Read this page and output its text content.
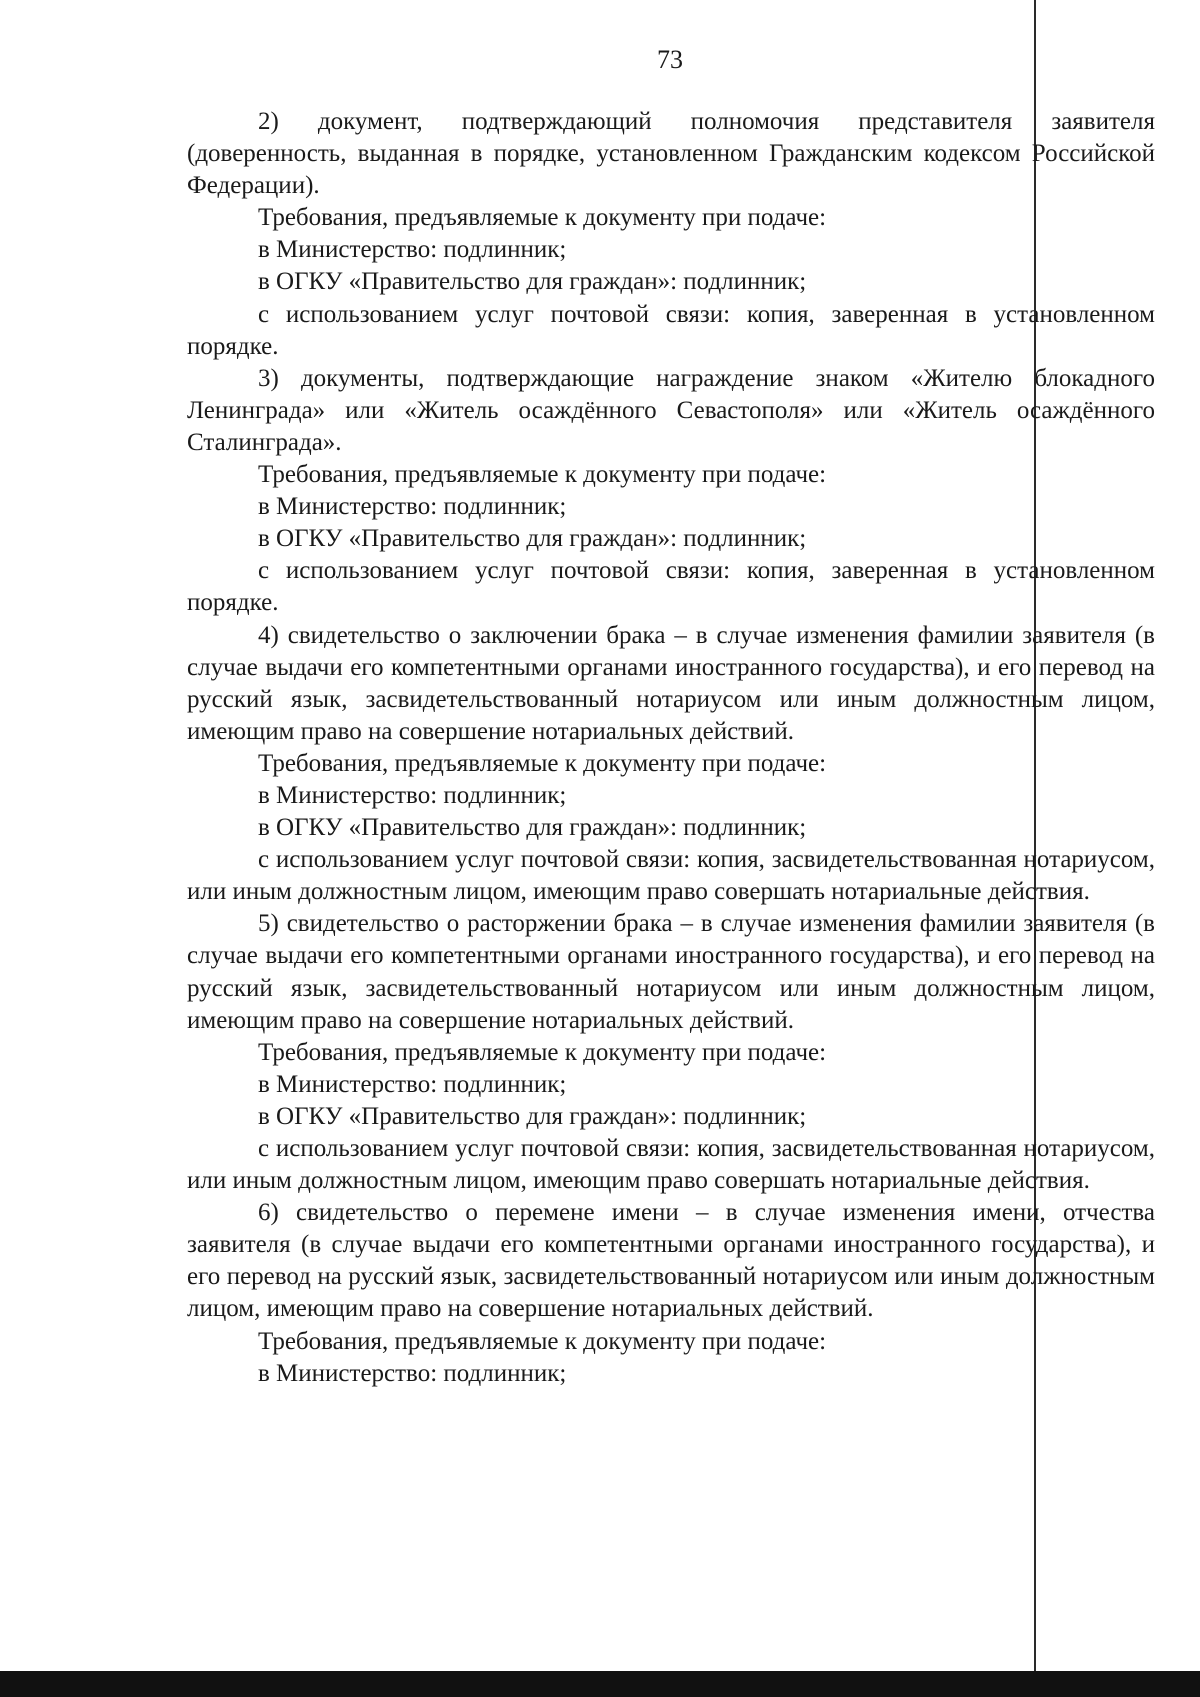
73

2) документ, подтверждающий полномочия представителя заявителя (доверенность, выданная в порядке, установленном Гражданским кодексом Российской Федерации).

Требования, предъявляемые к документу при подаче:

в Министерство: подлинник;

в ОГКУ «Правительство для граждан»: подлинник;

с использованием услуг почтовой связи: копия, заверенная в установленном порядке.

3) документы, подтверждающие награждение знаком «Жителю блокадного Ленинграда» или «Житель осаждённого Севастополя» или «Житель осаждённого Сталинграда».

Требования, предъявляемые к документу при подаче:

в Министерство: подлинник;

в ОГКУ «Правительство для граждан»: подлинник;

с использованием услуг почтовой связи: копия, заверенная в установленном порядке.

4) свидетельство о заключении брака – в случае изменения фамилии заявителя (в случае выдачи его компетентными органами иностранного государства), и его перевод на русский язык, засвидетельствованный нотариусом или иным должностным лицом, имеющим право на совершение нотариальных действий.

Требования, предъявляемые к документу при подаче:

в Министерство: подлинник;

в ОГКУ «Правительство для граждан»: подлинник;

с использованием услуг почтовой связи: копия, засвидетельствованная нотариусом, или иным должностным лицом, имеющим право совершать нотариальные действия.

5) свидетельство о расторжении брака – в случае изменения фамилии заявителя (в случае выдачи его компетентными органами иностранного государства), и его перевод на русский язык, засвидетельствованный нотариусом или иным должностным лицом, имеющим право на совершение нотариальных действий.

Требования, предъявляемые к документу при подаче:

в Министерство: подлинник;

в ОГКУ «Правительство для граждан»: подлинник;

с использованием услуг почтовой связи: копия, засвидетельствованная нотариусом, или иным должностным лицом, имеющим право совершать нотариальные действия.

6) свидетельство о перемене имени – в случае изменения имени, отчества заявителя (в случае выдачи его компетентными органами иностранного государства), и его перевод на русский язык, засвидетельствованный нотариусом или иным должностным лицом, имеющим право на совершение нотариальных действий.

Требования, предъявляемые к документу при подаче:

в Министерство: подлинник;
